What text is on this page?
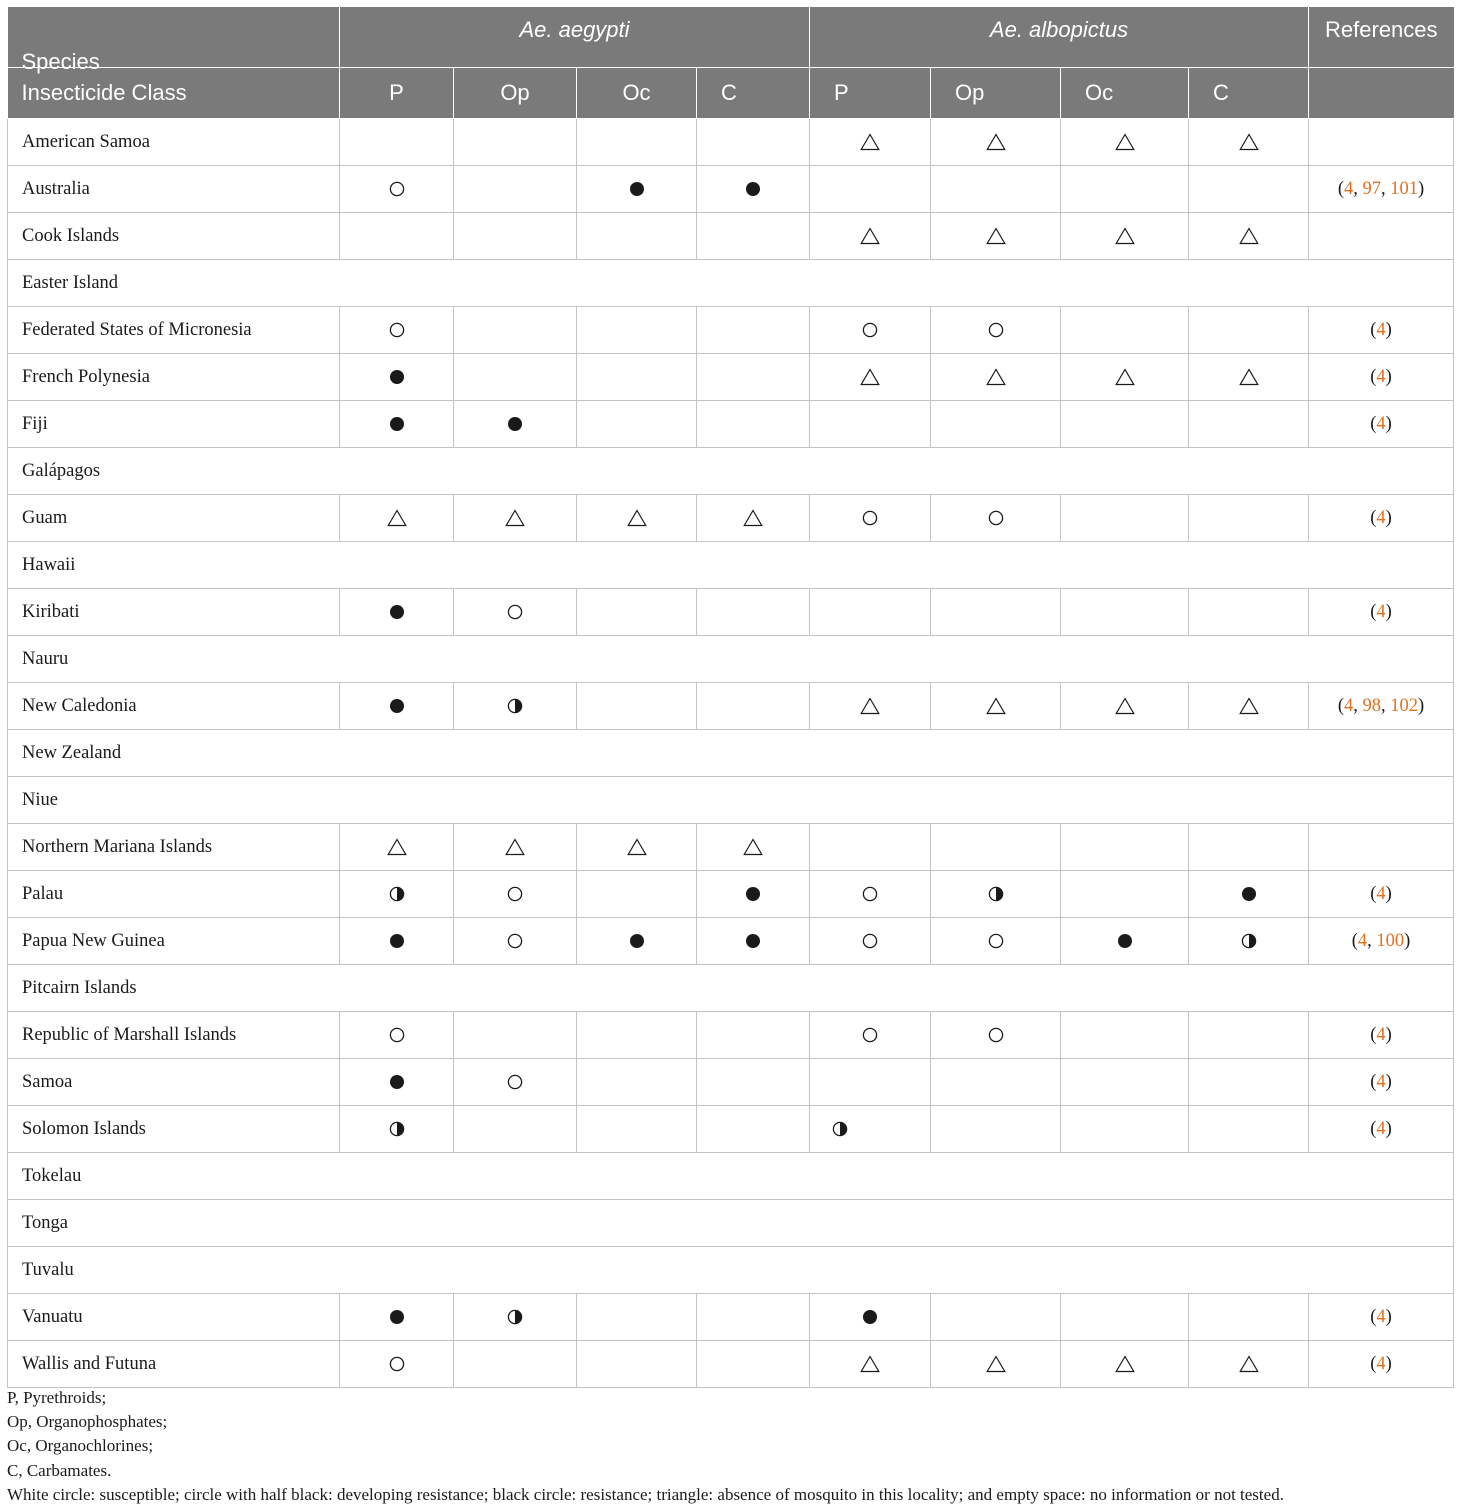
Species	Ae. aegypti				Ae. albopictus				References
Insecticide Class	P	Op	Oc	C	P	Op	Oc	C	
American Samoa									
Australia									(4, 97, 101)
Cook Islands									
Easter Island									
Federated States of Micronesia									(4)
French Polynesia									(4)
Fiji									(4)
Galápagos									
Guam									(4)
Hawaii									
Kiribati									(4)
Nauru									
New Caledonia									(4, 98, 102)
New Zealand									
Niue									
Northern Mariana Islands									
Palau									(4)
Papua New Guinea									(4, 100)
Pitcairn Islands									
Republic of Marshall Islands									(4)
Samoa									(4)
Solomon Islands									(4)
Tokelau									
Tonga									
Tuvalu									
Vanuatu									(4)
Wallis and Futuna									(4)
P, Pyrethroids;
Op, Organophosphates;
Oc, Organochlorines;
C, Carbamates.
White circle: susceptible; circle with half black: developing resistance; black circle: resistance; triangle: absence of mosquito in this locality; and empty space: no information or not tested.
